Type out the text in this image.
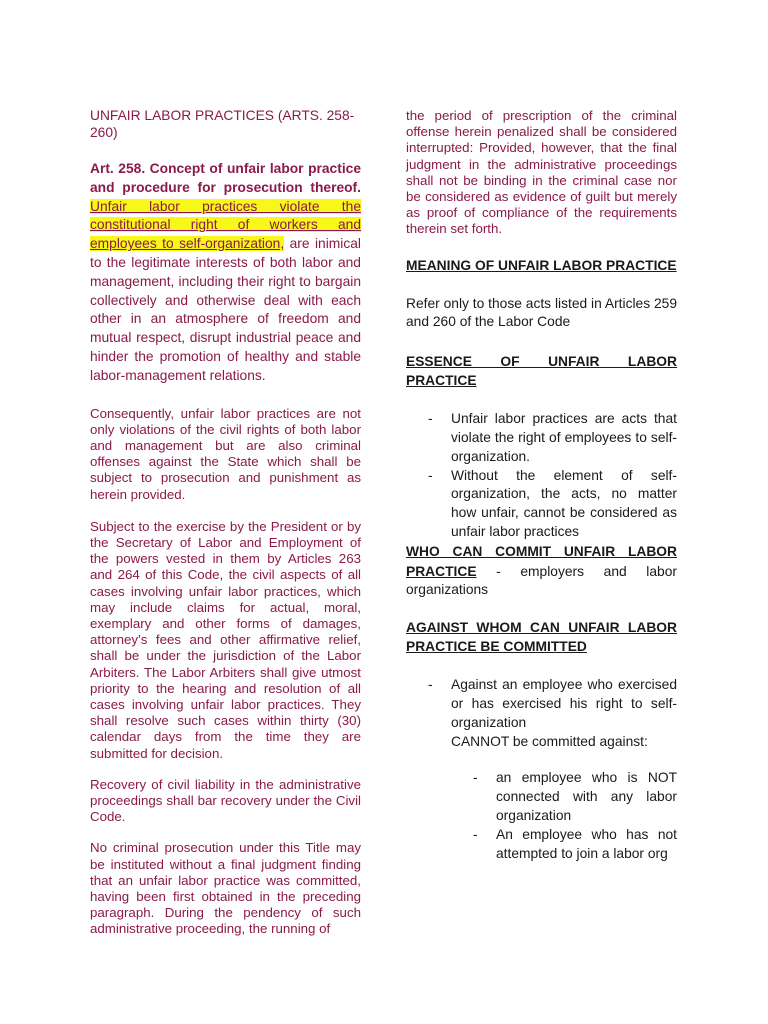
UNFAIR LABOR PRACTICES (ARTS. 258-260)

Art. 258. Concept of unfair labor practice and procedure for prosecution thereof. Unfair labor practices violate the constitutional right of workers and employees to self-organization, are inimical to the legitimate interests of both labor and management, including their right to bargain collectively and otherwise deal with each other in an atmosphere of freedom and mutual respect, disrupt industrial peace and hinder the promotion of healthy and stable labor-management relations.

Consequently, unfair labor practices are not only violations of the civil rights of both labor and management but are also criminal offenses against the State which shall be subject to prosecution and punishment as herein provided.

Subject to the exercise by the President or by the Secretary of Labor and Employment of the powers vested in them by Articles 263 and 264 of this Code, the civil aspects of all cases involving unfair labor practices, which may include claims for actual, moral, exemplary and other forms of damages, attorney’s fees and other affirmative relief, shall be under the jurisdiction of the Labor Arbiters. The Labor Arbiters shall give utmost priority to the hearing and resolution of all cases involving unfair labor practices. They shall resolve such cases within thirty (30) calendar days from the time they are submitted for decision.

Recovery of civil liability in the administrative proceedings shall bar recovery under the Civil Code.

No criminal prosecution under this Title may be instituted without a final judgment finding that an unfair labor practice was committed, having been first obtained in the preceding paragraph. During the pendency of such administrative proceeding, the running of

the period of prescription of the criminal offense herein penalized shall be considered interrupted: Provided, however, that the final judgment in the administrative proceedings shall not be binding in the criminal case nor be considered as evidence of guilt but merely as proof of compliance of the requirements therein set forth.

MEANING OF UNFAIR LABOR PRACTICE

Refer only to those acts listed in Articles 259 and 260 of the Labor Code

ESSENCE OF UNFAIR LABOR PRACTICE

- Unfair labor practices are acts that violate the right of employees to self-organization.
- Without the element of self-organization, the acts, no matter how unfair, cannot be considered as unfair labor practices

WHO CAN COMMIT UNFAIR LABOR PRACTICE - employers and labor organizations

AGAINST WHOM CAN UNFAIR LABOR PRACTICE BE COMMITTED

- Against an employee who exercised or has exercised his right to self-organization

CANNOT be committed against:

- an employee who is NOT connected with any labor organization
- An employee who has not attempted to join a labor org
